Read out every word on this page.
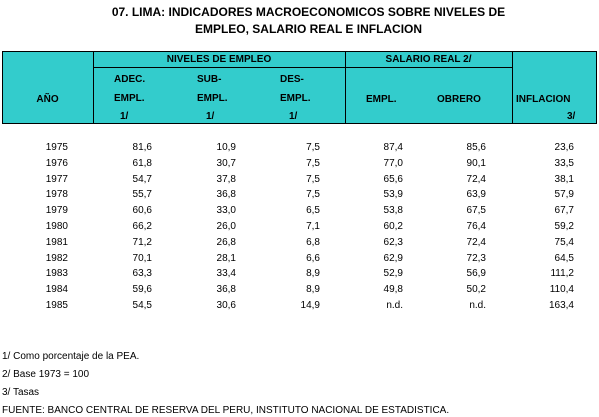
07. LIMA: INDICADORES MACROECONOMICOS SOBRE NIVELES DE
EMPLEO, SALARIO REAL E INFLACION
AÑO
NIVELES DE EMPLEO	SALARIO REAL 2/
ADEC.
EMPL.
1/
SUB-
EMPL.
1/
DES-
EMPL.
1/
EMPL.	OBRERO	INFLACION
3/
1975	81,6	10,9	7,5	87,4	85,6	23,6
1976	61,8	30,7	7,5	77,0	90,1	33,5
1977	54,7	37,8	7,5	65,6	72,4	38,1
1978	55,7	36,8	7,5	53,9	63,9	57,9
1979	60,6	33,0	6,5	53,8	67,5	67,7
1980	66,2	26,0	7,1	60,2	76,4	59,2
1981	71,2	26,8	6,8	62,3	72,4	75,4
1982	70,1	28,1	6,6	62,9	72,3	64,5
1983	63,3	33,4	8,9	52,9	56,9	111,2
1984	59,6	36,8	8,9	49,8	50,2	110,4
1985	54,5	30,6	14,9	n.d.	n.d.	163,4
1/ Como porcentaje de la PEA.
2/ Base 1973 = 100
3/ Tasas
FUENTE: BANCO CENTRAL DE RESERVA DEL PERU, INSTITUTO NACIONAL DE ESTADISTICA.
